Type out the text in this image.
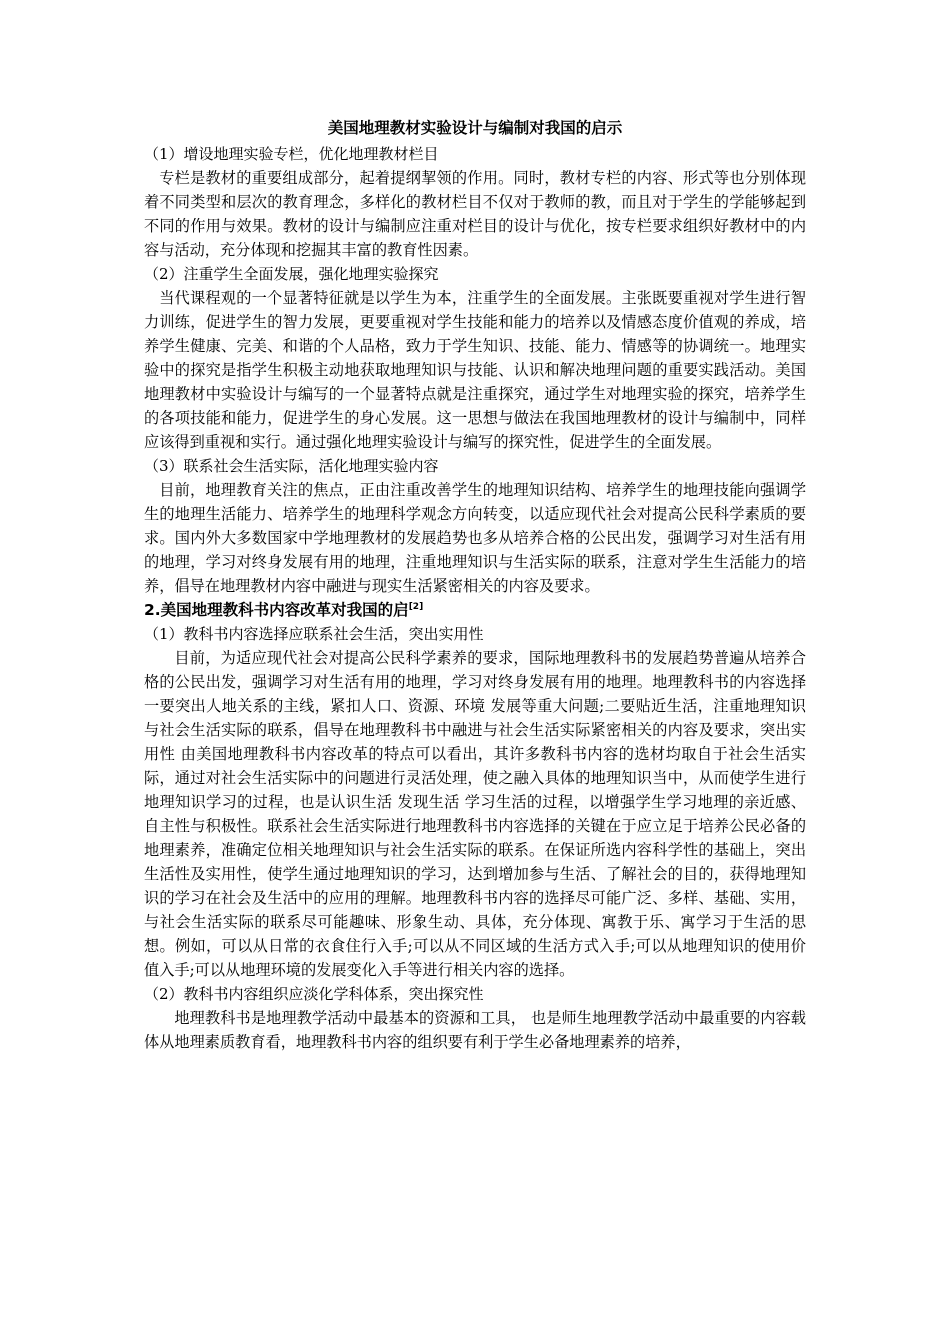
美国地理教材实验设计与编制对我国的启示
（1）增设地理实验专栏，优化地理教材栏目
专栏是教材的重要组成部分，起着提纲挈领的作用。同时，教材专栏的内容、形式等也分别体现着不同类型和层次的教育理念，多样化的教材栏目不仅对于教师的教，而且对于学生的学能够起到不同的作用与效果。教材的设计与编制应注重对栏目的设计与优化，按专栏要求组织好教材中的内容与活动，充分体现和挖掘其丰富的教育性因素。
（2）注重学生全面发展，强化地理实验探究
当代课程观的一个显著特征就是以学生为本，注重学生的全面发展。主张既要重视对学生进行智力训练，促进学生的智力发展，更要重视对学生技能和能力的培养以及情感态度价值观的养成，培养学生健康、完美、和谐的个人品格，致力于学生知识、技能、能力、情感等的协调统一。地理实验中的探究是指学生积极主动地获取地理知识与技能、认识和解决地理问题的重要实践活动。美国地理教材中实验设计与编写的一个显著特点就是注重探究，通过学生对地理实验的探究，培养学生的各项技能和能力，促进学生的身心发展。这一思想与做法在我国地理教材的设计与编制中，同样应该得到重视和实行。通过强化地理实验设计与编写的探究性，促进学生的全面发展。
（3）联系社会生活实际，活化地理实验内容
目前，地理教育关注的焦点，正由注重改善学生的地理知识结构、培养学生的地理技能向强调学生的地理生活能力、培养学生的地理科学观念方向转变，以适应现代社会对提高公民科学素质的要求。国内外大多数国家中学地理教材的发展趋势也多从培养合格的公民出发，强调学习对生活有用的地理，学习对终身发展有用的地理，注重地理知识与生活实际的联系，注意对学生生活能力的培养，倡导在地理教材内容中融进与现实生活紧密相关的内容及要求。
2.美国地理教科书内容改革对我国的启[2]
（1）教科书内容选择应联系社会生活，突出实用性
目前，为适应现代社会对提高公民科学素养的要求，国际地理教科书的发展趋势普遍从培养合格的公民出发，强调学习对生活有用的地理，学习对终身发展有用的地理。地理教科书的内容选择一要突出人地关系的主线，紧扣人口、资源、环境 发展等重大问题;二要贴近生活，注重地理知识与社会生活实际的联系，倡导在地理教科书中融进与社会生活实际紧密相关的内容及要求，突出实用性 由美国地理教科书内容改革的特点可以看出，其许多教科书内容的选材均取自于社会生活实际，通过对社会生活实际中的问题进行灵活处理，使之融入具体的地理知识当中，从而使学生进行地理知识学习的过程，也是认识生活 发现生活 学习生活的过程，以增强学生学习地理的亲近感、自主性与积极性。联系社会生活实际进行地理教科书内容选择的关键在于应立足于培养公民必备的地理素养，准确定位相关地理知识与社会生活实际的联系。在保证所选内容科学性的基础上，突出生活性及实用性，使学生通过地理知识的学习，达到增加参与生活、了解社会的目的，获得地理知识的学习在社会及生活中的应用的理解。地理教科书内容的选择尽可能广泛、多样、基础、实用，与社会生活实际的联系尽可能趣味、形象生动、具体，充分体现、寓教于乐、寓学习于生活的思想。例如，可以从日常的衣食住行入手;可以从不同区域的生活方式入手;可以从地理知识的使用价值入手;可以从地理环境的发展变化入手等进行相关内容的选择。
（2）教科书内容组织应淡化学科体系，突出探究性
地理教科书是地理教学活动中最基本的资源和工具， 也是师生地理教学活动中最重要的内容载体从地理素质教育看，地理教科书内容的组织要有利于学生必备地理素养的培养，
